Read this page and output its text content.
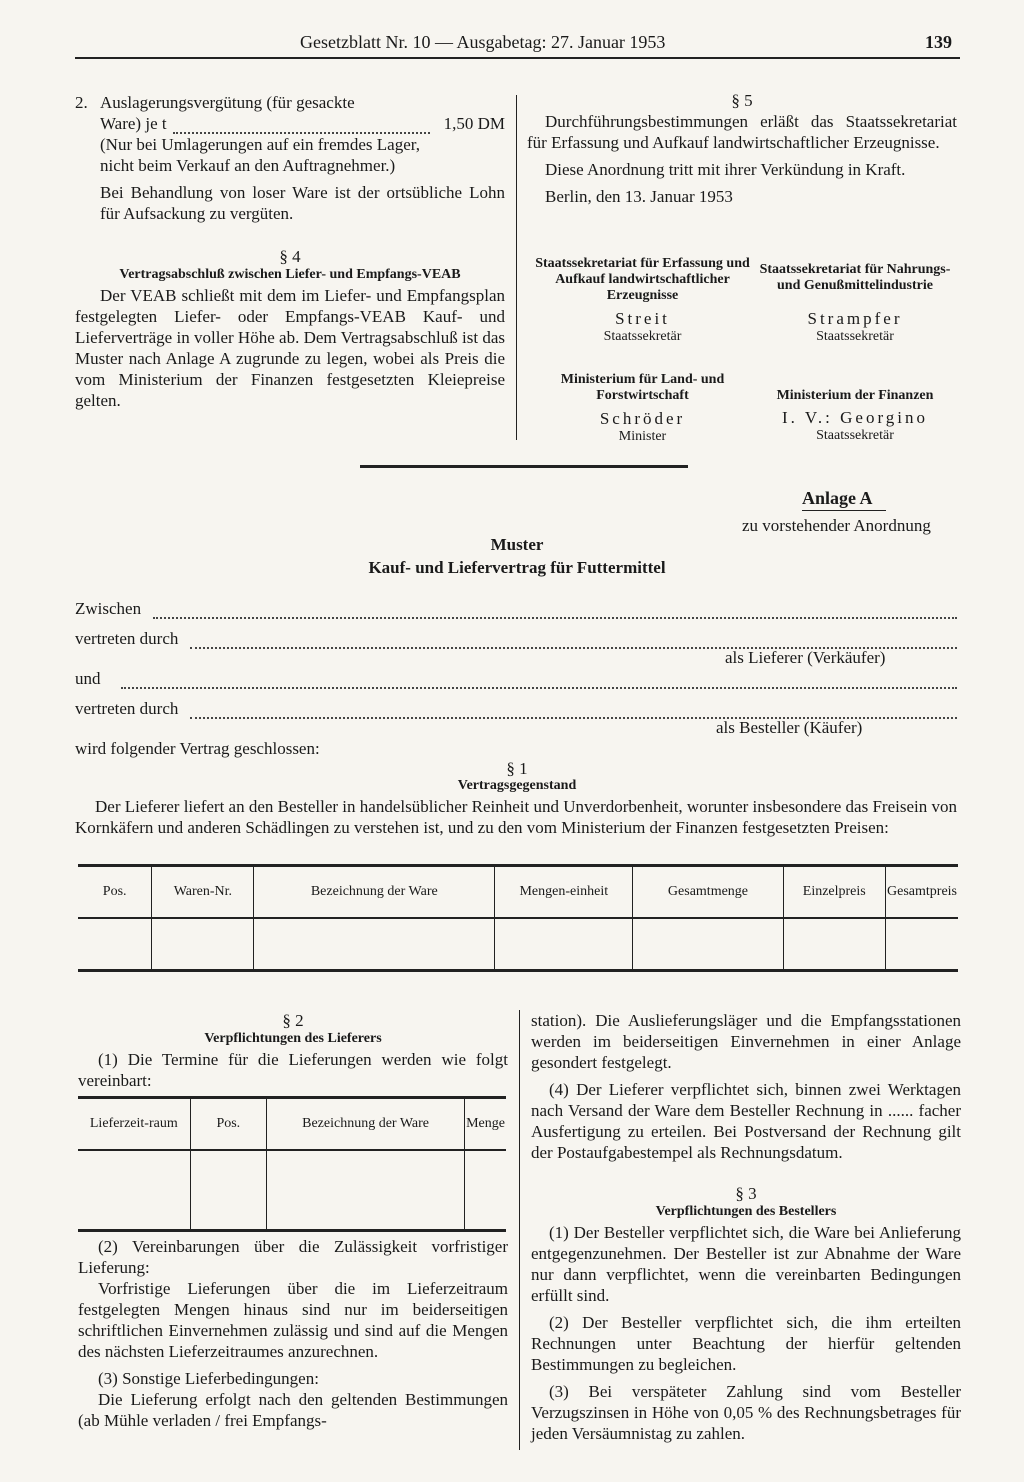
Gesetzblatt Nr. 10 — Ausgabetag: 27. Januar 1953	139
2. Auslagerungsvergütung (für gesackte
Ware) je t	1,50 DM

(Nur bei Umlagerungen auf ein fremdes Lager, nicht beim Verkauf an den Auftragnehmer.)

Bei Behandlung von loser Ware ist der ortsübliche Lohn für Aufsackung zu vergüten.

§ 4
Vertragsabschluß zwischen Liefer- und Empfangs-VEAB

Der VEAB schließt mit dem im Liefer- und Empfangsplan festgelegten Liefer- oder Empfangs-VEAB Kauf- und Lieferverträge in voller Höhe ab. Dem Vertragsabschluß ist das Muster nach Anlage A zugrunde zu legen, wobei als Preis die vom Ministerium der Finanzen festgesetzten Kleiepreise gelten.

§ 5

Durchführungsbestimmungen erläßt das Staatssekretariat für Erfassung und Aufkauf landwirtschaftlicher Erzeugnisse.

Diese Anordnung tritt mit ihrer Verkündung in Kraft.

Berlin, den 13. Januar 1953

Staatssekretariat für Erfassung und Aufkauf landwirtschaftlicher Erzeugnisse
Streit
Staatssekretär
Staatssekretariat für Nahrungs- und Genußmittelindustrie
Strampfer
Staatssekretär
Ministerium für Land- und Forstwirtschaft
Schröder
Minister
Ministerium der Finanzen
I. V.: Georgino
Staatssekretär
Anlage A
zu vorstehender Anordnung
Muster
Kauf- und Liefervertrag für Futtermittel
Zwischen
vertreten durch
als Lieferer (Verkäufer)
und
vertreten durch
als Besteller (Käufer)
wird folgender Vertrag geschlossen:
§ 1
Vertragsgegenstand

Der Lieferer liefert an den Besteller in handelsüblicher Reinheit und Unverdorbenheit, worunter insbesondere das Freisein von Kornkäfern und anderen Schädlingen zu verstehen ist, und zu den vom Ministerium der Finanzen festgesetzten Preisen:

Pos.	Waren-Nr.	Bezeichnung der Ware	Mengen-einheit	Gesamtmenge	Einzelpreis	Gesamtpreis

§ 2
Verpflichtungen des Lieferers

(1) Die Termine für die Lieferungen werden wie folgt vereinbart:

Lieferzeit-raum	Pos.	Bezeichnung der Ware	Menge

(2) Vereinbarungen über die Zulässigkeit vorfristiger Lieferung:

Vorfristige Lieferungen über die im Lieferzeitraum festgelegten Mengen hinaus sind nur im beiderseitigen schriftlichen Einvernehmen zulässig und sind auf die Mengen des nächsten Lieferzeitraumes anzurechnen.

(3) Sonstige Lieferbedingungen:

Die Lieferung erfolgt nach den geltenden Bestimmungen (ab Mühle verladen / frei Empfangs-

station). Die Auslieferungsläger und die Empfangsstationen werden im beiderseitigen Einvernehmen in einer Anlage gesondert festgelegt.

(4) Der Lieferer verpflichtet sich, binnen zwei Werktagen nach Versand der Ware dem Besteller Rechnung in ...... facher Ausfertigung zu erteilen. Bei Postversand der Rechnung gilt der Postaufgabestempel als Rechnungsdatum.

§ 3
Verpflichtungen des Bestellers

(1) Der Besteller verpflichtet sich, die Ware bei Anlieferung entgegenzunehmen. Der Besteller ist zur Abnahme der Ware nur dann verpflichtet, wenn die vereinbarten Bedingungen erfüllt sind.

(2) Der Besteller verpflichtet sich, die ihm erteilten Rechnungen unter Beachtung der hierfür geltenden Bestimmungen zu begleichen.

(3) Bei verspäteter Zahlung sind vom Besteller Verzugszinsen in Höhe von 0,05 % des Rechnungsbetrages für jeden Versäumnistag zu zahlen.
